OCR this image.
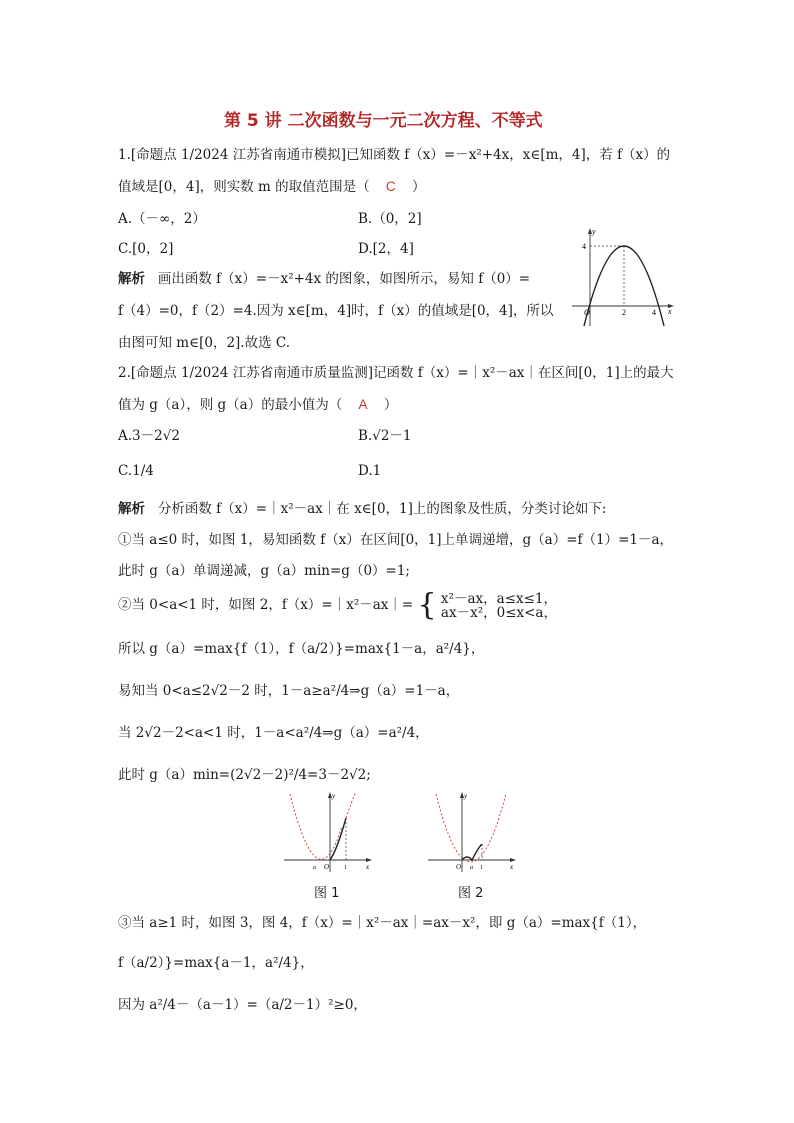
第 5 讲 二次函数与一元二次方程、不等式
1.[命题点 1/2024 江苏省南通市模拟]已知函数 f（x）=－x²+4x，x∈[m，4]，若 f（x）的
值域是[0，4]，则实数 m 的取值范围是（ C ）
A.（－∞，2）	B.（0，2]
C.[0，2]	D.[2，4]
解析 画出函数 f（x）=－x²+4x 的图象，如图所示，易知 f（0）=
f（4）=0，f（2）=4.因为 x∈[m，4]时，f（x）的值域是[0，4]，所以
由图可知 m∈[0，2].故选 C.
y
x
O	2	4
4
2.[命题点 1/2024 江苏省南通市质量监测]记函数 f（x）=｜x²－ax｜在区间[0，1]上的最大
值为 g（a），则 g（a）的最小值为（ A ）
A.3－2√2	B.√2－1
C.1/4	D.1
解析 分析函数 f（x）=｜x²－ax｜在 x∈[0，1]上的图象及性质，分类讨论如下:
①当 a≤0 时，如图 1，易知函数 f（x）在区间[0，1]上单调递增，g（a）=f（1）=1－a，
此时 g（a）单调递减，g（a）min=g（0）=1;
②当 0<a<1 时，如图 2，f（x）=｜x²－ax｜= { x²－ax，a≤x≤1，
ax－x²，0≤x<a，
所以 g（a）=max{f（1），f（a/2）}=max{1－a，a²/4}，
易知当 0<a≤2√2－2 时，1－a≥a²/4⇒g（a）=1－a，
当 2√2－2<a<1 时，1－a<a²/4⇒g（a）=a²/4，
此时 g（a）min=(2√2－2)²/4=3－2√2;
y
x
O
a	1
图 1
y
x
O a 1
图 2
③当 a≥1 时，如图 3，图 4，f（x）=｜x²－ax｜=ax－x²，即 g（a）=max{f（1），
f（a/2）}=max{a－1，a²/4}，
因为 a²/4－（a－1）=（a/2－1）²≥0，
